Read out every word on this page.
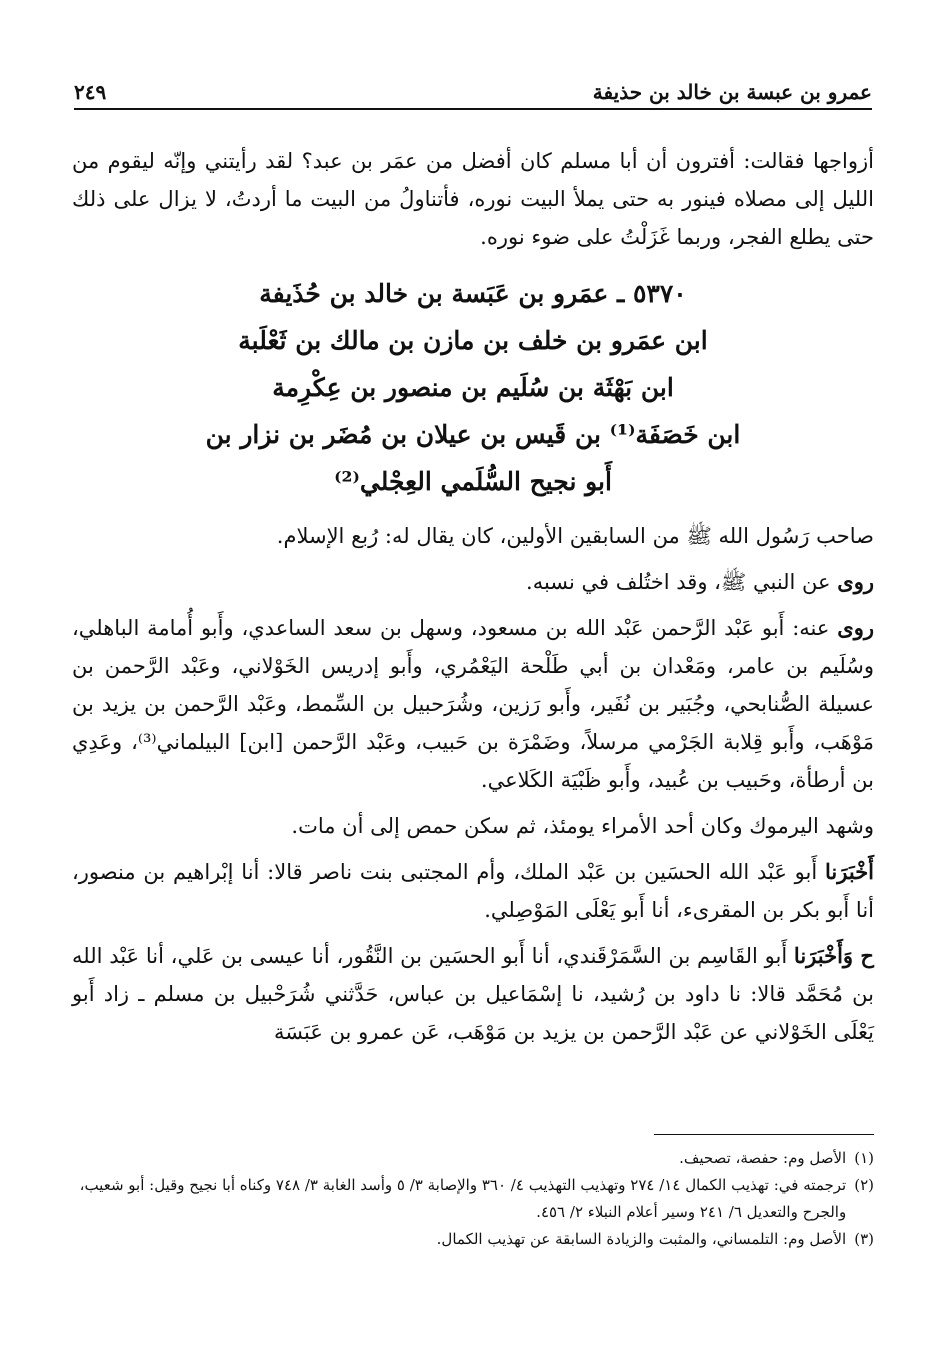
عمرو بن عبسة بن خالد بن حذيفة
٢٤٩

أزواجها فقالت: أفترون أن أبا مسلم كان أفضل من عمَر بن عبد؟ لقد رأيتني وإنّه ليقوم من الليل إلى مصلاه فينور به حتى يملأ البيت نوره، فأتناولُ من البيت ما أردتُ، لا يزال على ذلك حتى يطلع الفجر، وربما غَزَلْتُ على ضوء نوره.

٥٣٧٠ ـ عمَرو بن عَبَسة بن خالد بن حُذَيفة
ابن عمَرو بن خلف بن مازن بن مالك بن ثَعْلَبة
ابن بَهْثَة بن سُلَيم بن منصور بن عِكْرِمة
ابن خَصَفَة⁽¹⁾ بن قَيس بن عيلان بن مُضَر بن نزار بن
أَبو نجيح السُّلَمي العِجْلي⁽²⁾

صاحب رَسُول الله ﷺ من السابقين الأولين، كان يقال له: رُبع الإسلام.

روى عن النبي ﷺ، وقد اختُلف في نسبه.

روى عنه: أَبو عَبْد الرَّحمن عَبْد الله بن مسعود، وسهل بن سعد الساعدي، وأَبو أُمامة الباهلي، وسُلَيم بن عامر، ومَعْدان بن أبي طَلْحة اليَعْمُري، وأَبو إدريس الخَوْلاني، وعَبْد الرَّحمن بن عسيلة الصُّنابحي، وجُبَير بن نُفَير، وأَبو رَزين، وشُرَحبيل بن السِّمط، وعَبْد الرَّحمن بن يزيد بن مَوْهَب، وأَبو قِلابة الجَرْمي مرسلاً، وضَمْرَة بن حَبيب، وعَبْد الرَّحمن [ابن] البيلماني⁽³⁾، وعَدِي بن أرطأة، وحَبيب بن عُبيد، وأَبو ظَبْيَة الكَلاعي.

وشهد اليرموك وكان أحد الأمراء يومئذ، ثم سكن حمص إلى أن مات.

أَخْبَرَنا أَبو عَبْد الله الحسَين بن عَبْد الملك، وأم المجتبى بنت ناصر قالا: أنا إبْراهيم بن منصور، أنا أَبو بكر بن المقرىء، أنا أَبو يَعْلَى المَوْصِلي.

ح وَأَخْبَرَنا أَبو القَاسِم بن السَّمَرْقَندي، أنا أَبو الحسَين بن النَّقُور، أنا عيسى بن عَلي، أنا عَبْد الله بن مُحَمَّد قالا: نا داود بن رُشيد، نا إسْمَاعيل بن عباس، حَدَّثني شُرَحْبيل بن مسلم ـ زاد أَبو يَعْلَى الخَوْلاني عن عَبْد الرَّحمن بن يزيد بن مَوْهَب، عَن عمرو بن عَبَسَة

(١)
الأصل وم: حفصة، تصحيف.
(٢)
ترجمته في: تهذيب الكمال ١٤/ ٢٧٤ وتهذيب التهذيب ٤/ ٣٦٠ والإصابة ٣/ ٥ وأسد الغابة ٣/ ٧٤٨ وكناه أبا نجيح وقيل: أبو شعيب، والجرح والتعديل ٦/ ٢٤١ وسير أعلام النبلاء ٢/ ٤٥٦.
(٣)
الأصل وم: التلمساني، والمثبت والزيادة السابقة عن تهذيب الكمال.
